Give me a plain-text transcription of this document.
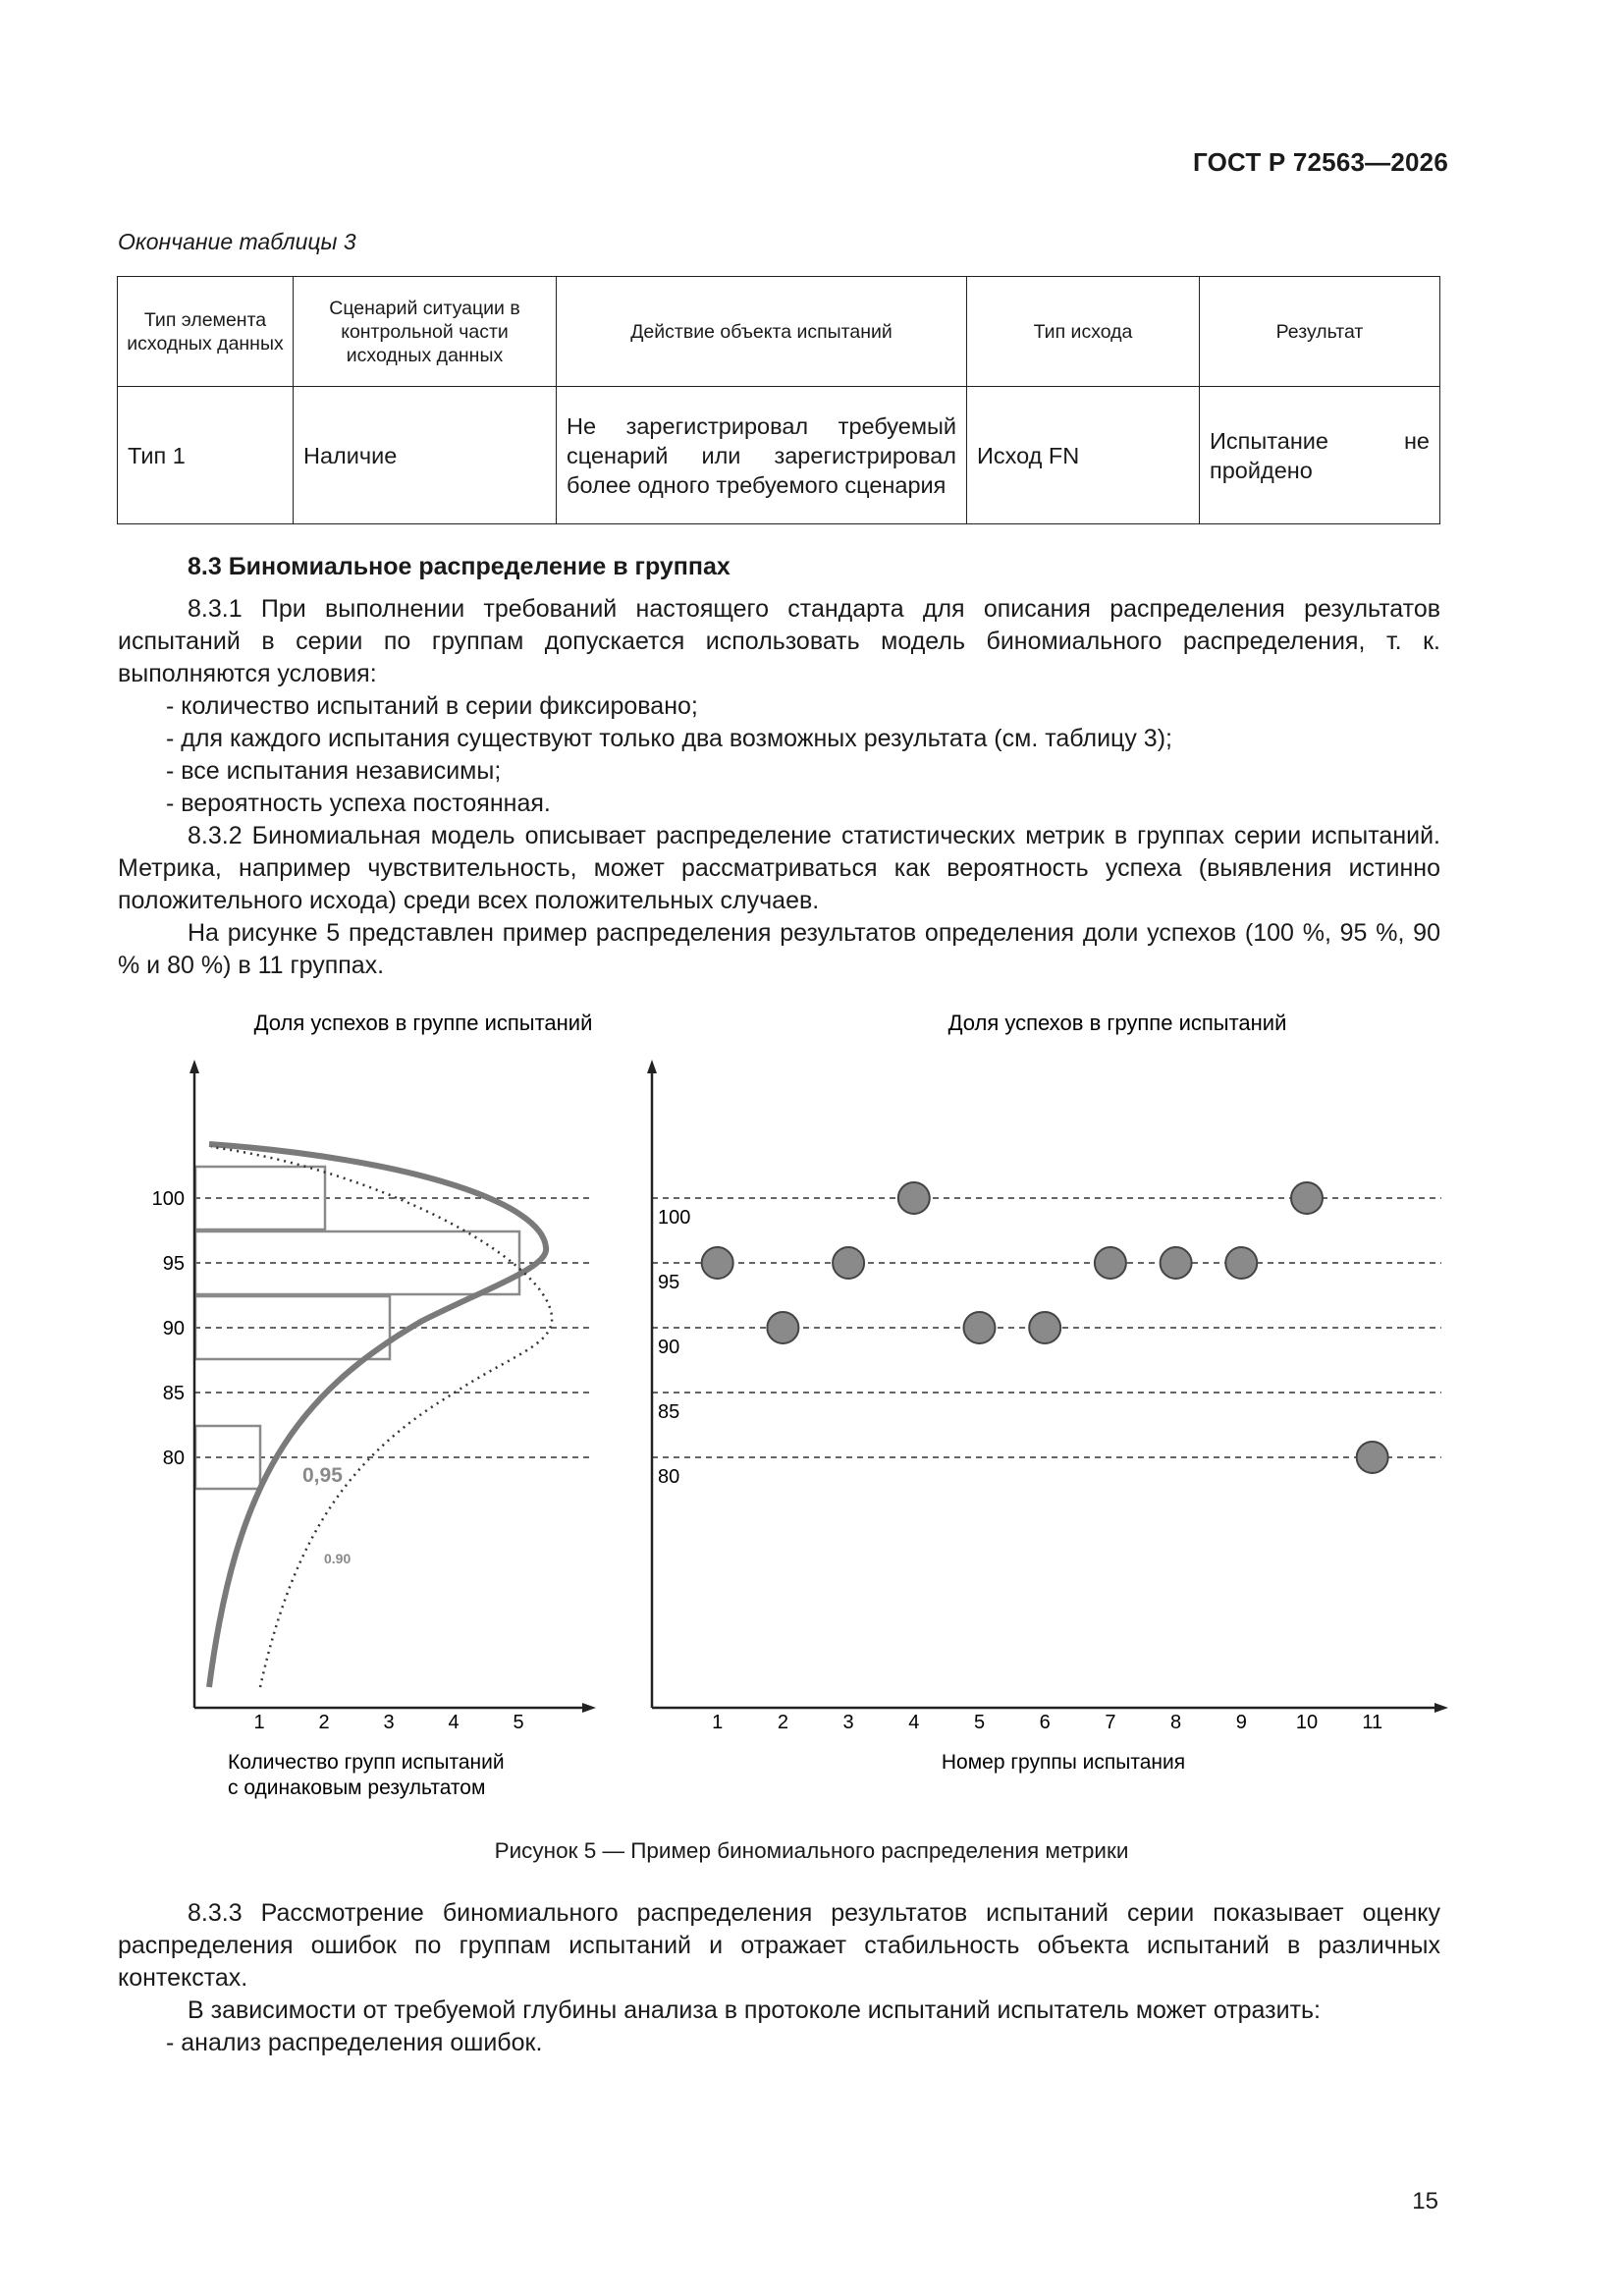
ГОСТ Р 72563—2026
Окончание таблицы 3
Тип элемента исходных данных	Сценарий ситуации в контрольной части исходных данных	Действие объекта испытаний	Тип исхода	Результат
Тип 1	Наличие	Не зарегистрировал требуемый сценарий или зарегистрировал более одного требуемого сценария	Исход FN	Испытание не пройдено

8.3 Биномиальное распределение в группах

8.3.1 При выполнении требований настоящего стандарта для описания распределения результатов испытаний в серии по группам допускается использовать модель биномиального распределения, т. к. выполняются условия:

- количество испытаний в серии фиксировано;

- для каждого испытания существуют только два возможных результата (см. таблицу 3);

- все испытания независимы;

- вероятность успеха постоянная.

8.3.2 Биномиальная модель описывает распределение статистических метрик в группах серии испытаний. Метрика, например чувствительность, может рассматриваться как вероятность успеха (выявления истинно положительного исхода) среди всех положительных случаев.

На рисунке 5 представлен пример распределения результатов определения доли успехов (100 %, 95 %, 90 % и 80 %) в 11 группах.

Доля успехов в группе испытаний
0,95
0.90
80
85
90
95
100
1	2	3	4	5
Количество групп испытаний с одинаковым результатом
Доля успехов в группе испытаний
80
85
90
95
100
1	2	3	4	5	6	7	8	9	10 11
Номер группы испытания
Рисунок 5 — Пример биномиального распределения метрики

8.3.3 Рассмотрение биномиального распределения результатов испытаний серии показывает оценку распределения ошибок по группам испытаний и отражает стабильность объекта испытаний в различных контекстах.

В зависимости от требуемой глубины анализа в протоколе испытаний испытатель может отразить:

- анализ распределения ошибок.

15
